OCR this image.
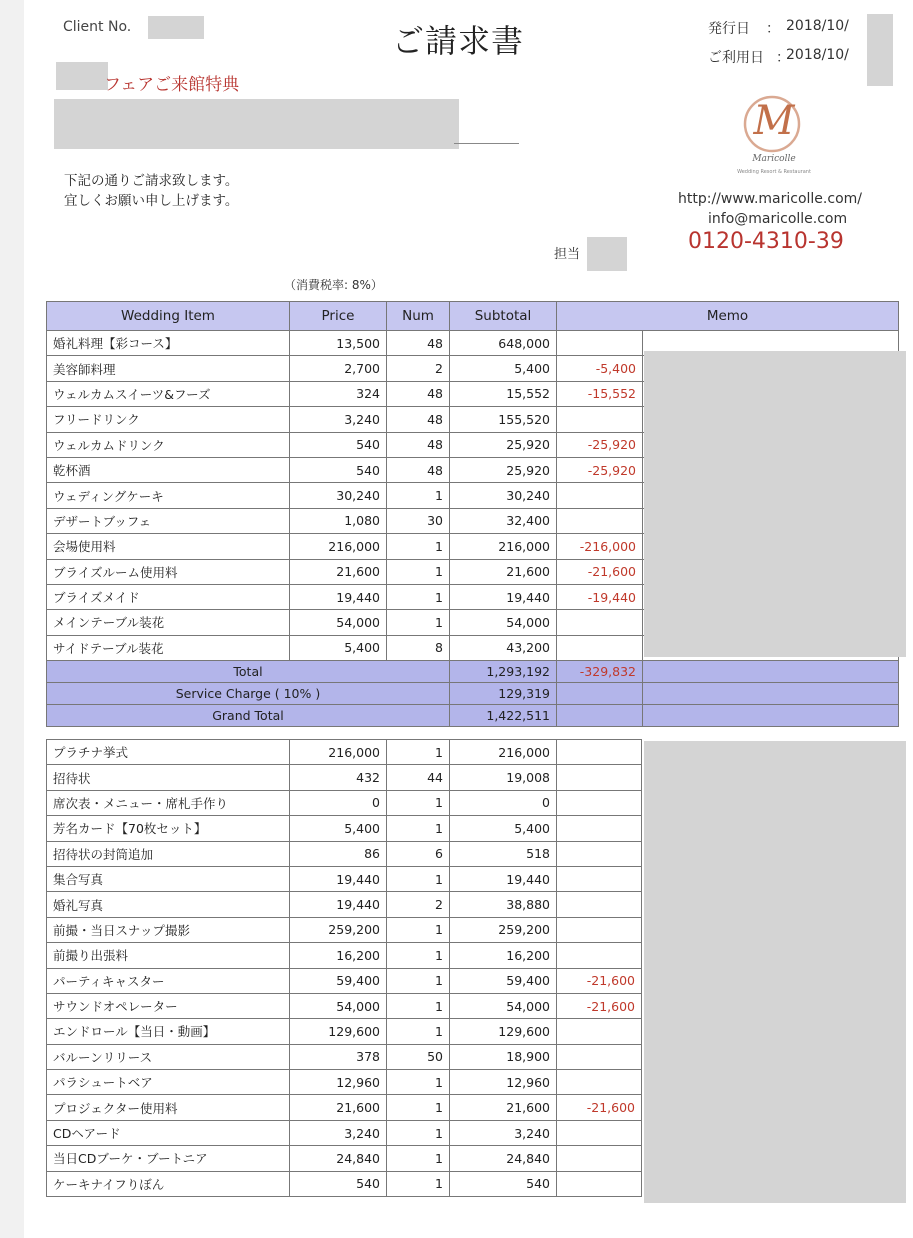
Client No.	ご請求書	発行日 ： 2018/10/
ご利用日 ：
2018/10/
フェアご来館特典
下記の通りご請求致します。
宜しくお願い申し上げます。
M
Maricolle
Wedding Resort & Restaurant
http://www.maricolle.com/
info@maricolle.com
0120-4310-39
担当
（消費税率: 8%）
Wedding Item	Price	Num	Subtotal	Memo	
婚礼料理【彩コース】	13,500	48	648,000		
美容師料理	2,700	2	5,400	-5,400	
ウェルカムスイーツ&フーズ	324	48	15,552	-15,552	
フリードリンク	3,240	48	155,520		
ウェルカムドリンク	540	48	25,920	-25,920	
乾杯酒	540	48	25,920	-25,920	
ウェディングケーキ	30,240	1	30,240		
デザートブッフェ	1,080	30	32,400		
会場使用料	216,000	1	216,000	-216,000	
ブライズルーム使用料	21,600	1	21,600	-21,600	
ブライズメイド	19,440	1	19,440	-19,440	
メインテーブル装花	54,000	1	54,000		
サイドテーブル装花	5,400	8	43,200		
Total			1,293,192	-329,832	
Service Charge ( 10% )			129,319		
Grand Total			1,422,511		
プラチナ挙式	216,000	1	216,000	
招待状	432	44	19,008	
席次表・メニュー・席札手作り	0	1	0	
芳名カード【70枚セット】	5,400	1	5,400	
招待状の封筒追加	86	6	518	
集合写真	19,440	1	19,440	
婚礼写真	19,440	2	38,880	
前撮・当日スナップ撮影	259,200	1	259,200	
前撮り出張料	16,200	1	16,200	
パーティキャスター	59,400	1	59,400	-21,600
サウンドオペレーター	54,000	1	54,000	-21,600
エンドロール【当日・動画】	129,600	1	129,600	
バルーンリリース	378	50	18,900	
パラシュートベア	12,960	1	12,960	
プロジェクター使用料	21,600	1	21,600	-21,600
CDヘアード	3,240	1	3,240	
当日CDブーケ・ブートニア	24,840	1	24,840	
ケーキナイフりぼん	540	1	540	
